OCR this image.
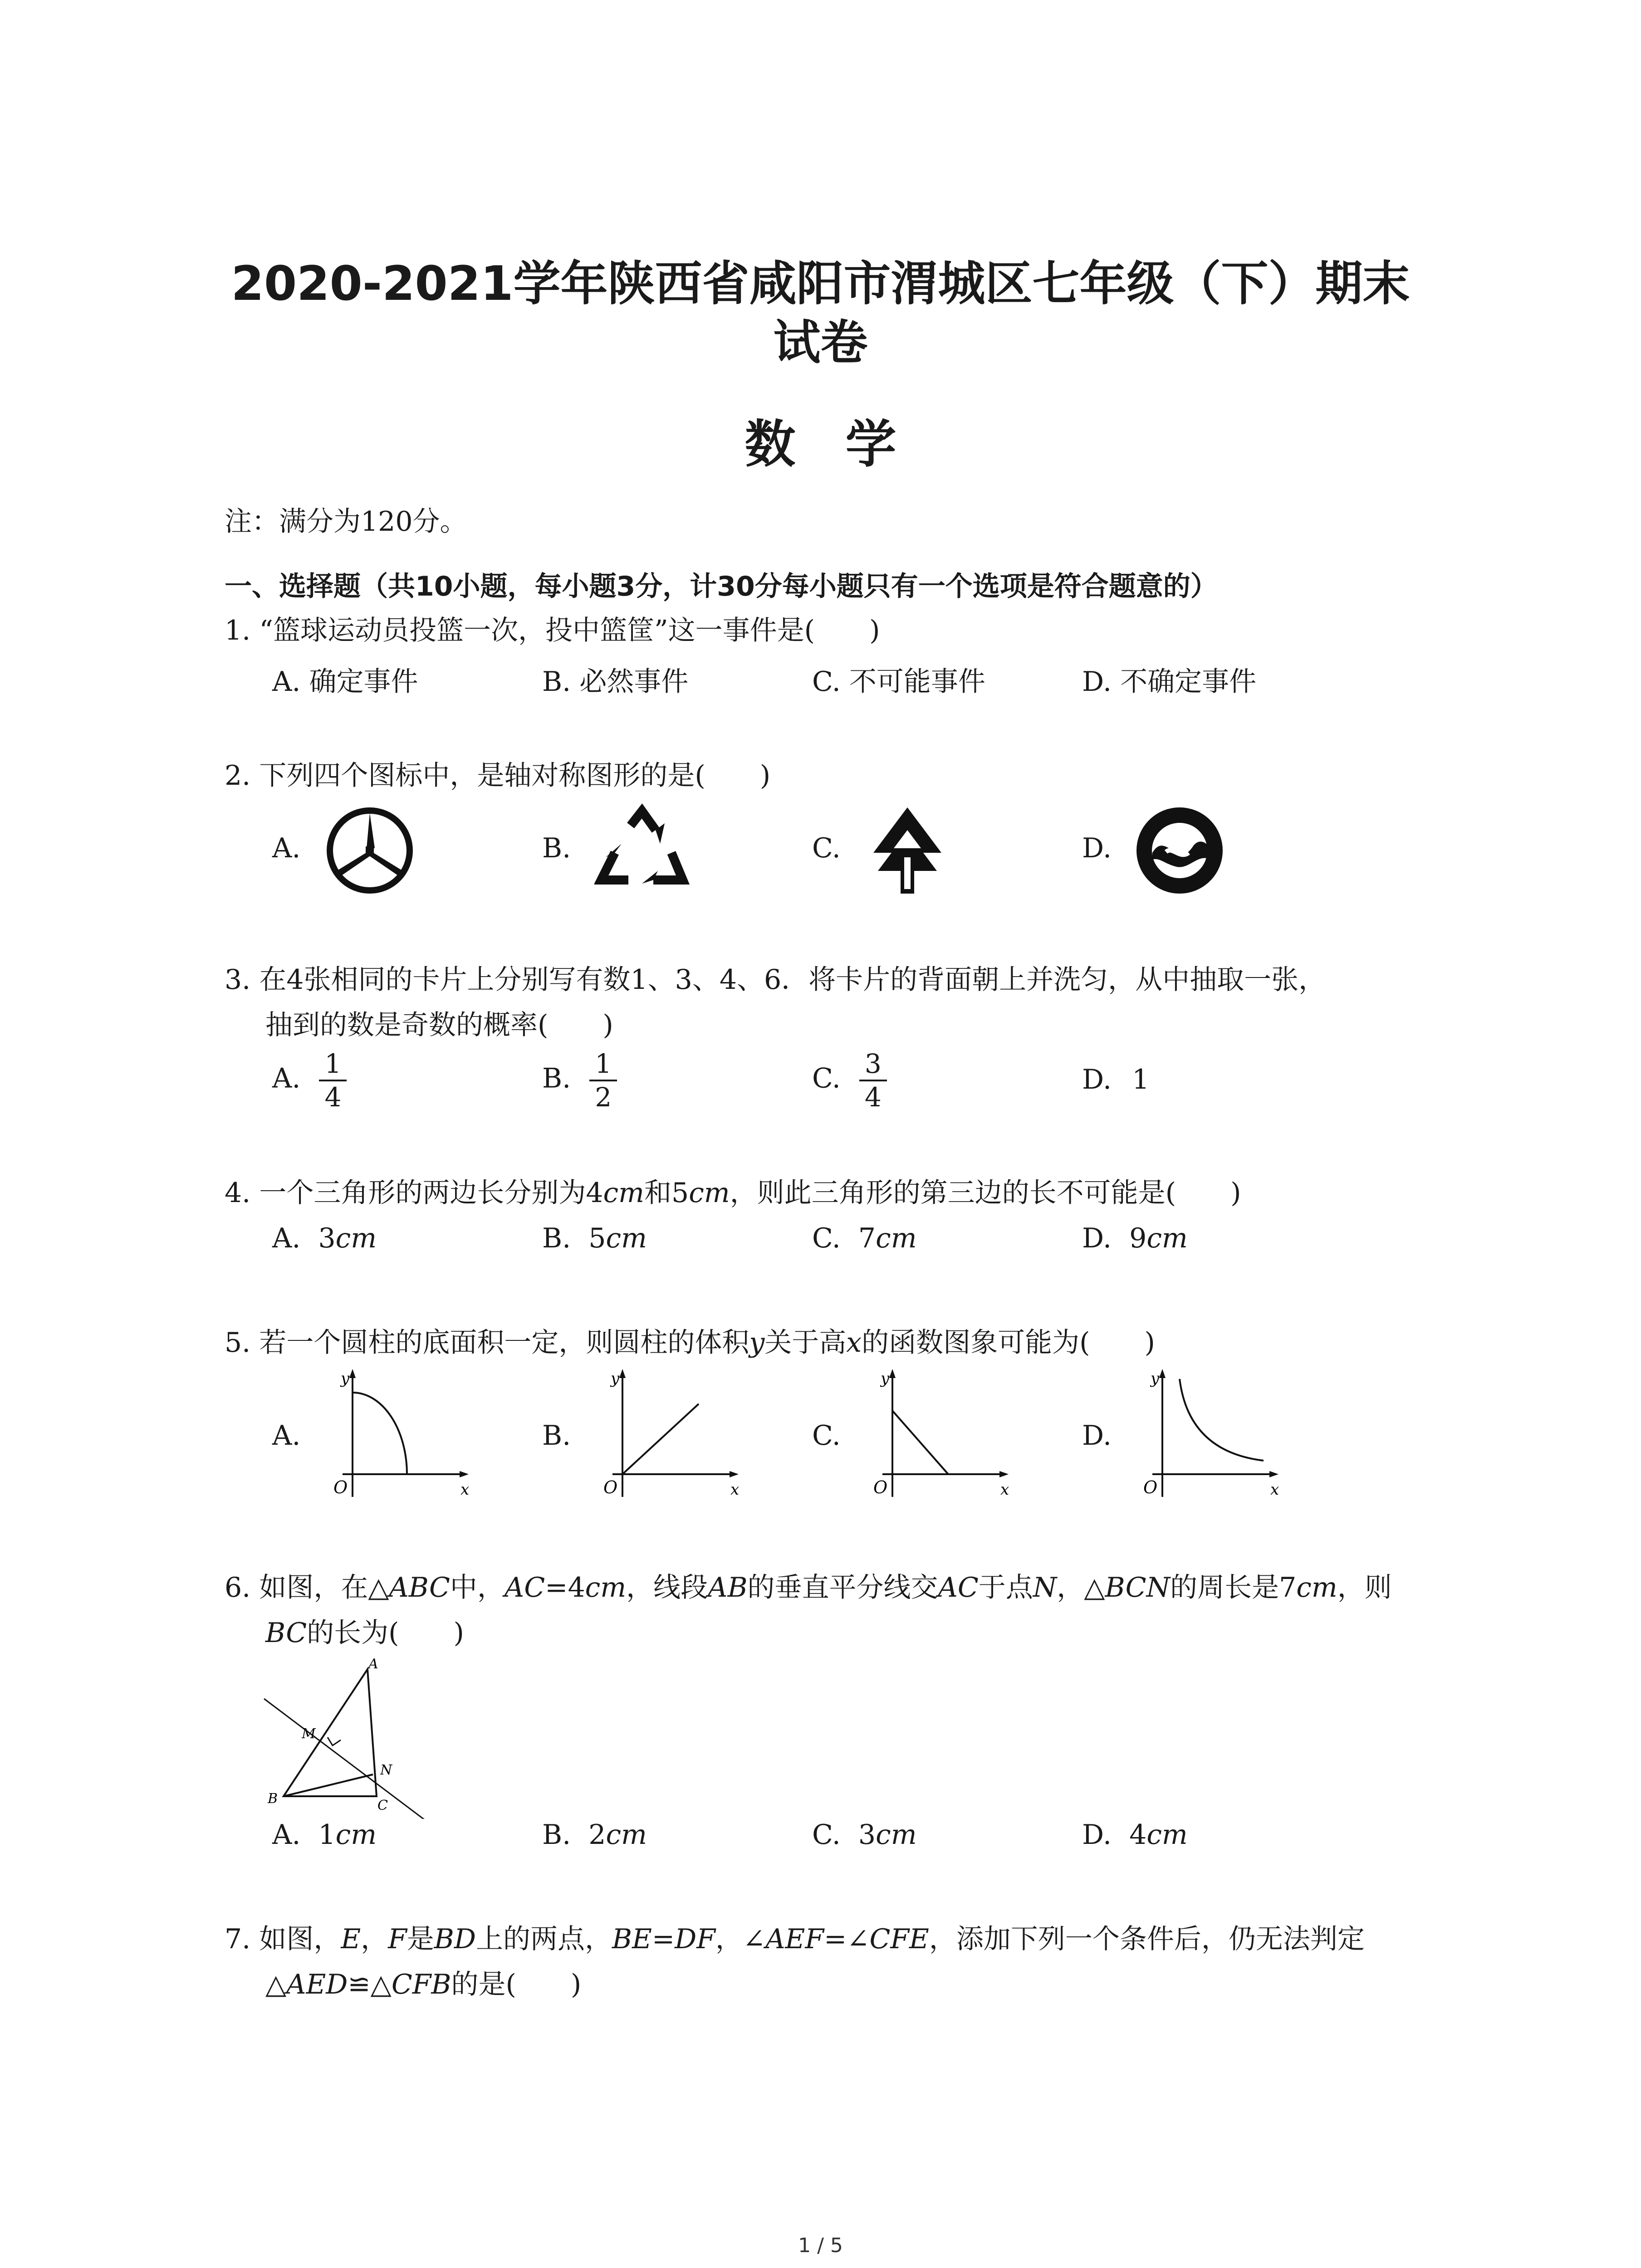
2020-2021学年陕西省咸阳市渭城区七年级（下）期末
试卷
数学
注：满分为120分。
一、选择题（共10小题，每小题3分，计30分每小题只有一个选项是符合题意的）
1. “篮球运动员投篮一次，投中篮筐”这一事件是(　　)
A. 确定事件	B. 必然事件	C. 不可能事件	D. 不确定事件
2. 下列四个图标中，是轴对称图形的是(　　)
A.	B.	C.	D.
3. 在4张相同的卡片上分别写有数1、3、4、6．将卡片的背面朝上并洗匀，从中抽取一张，
抽到的数是奇数的概率(　　)
A. $\frac{1}{4}$	B. $\frac{1}{2}$	C. $\frac{3}{4}$	D. 1
4. 一个三角形的两边长分别为4cm和5cm，则此三角形的第三边的长不可能是(　　)
A. 3cm	B. 5cm	C. 7cm	D. 9cm
5. 若一个圆柱的底面积一定，则圆柱的体积y关于高x的函数图象可能为(　　)
A.	B.	C.	D.
y
x
O
y
x
O
y
x
O
y
x
O
6. 如图，在△ABC中，AC=4cm，线段AB的垂直平分线交AC于点N，△BCN的周长是7cm，则
BC的长为(　　)
A
B	C
M
N
A. 1cm	B. 2cm	C. 3cm	D. 4cm
7. 如图，E，F是BD上的两点，BE=DF，∠AEF=∠CFE，添加下列一个条件后，仍无法判定
△AED≌△CFB的是(　　)
1 / 5
